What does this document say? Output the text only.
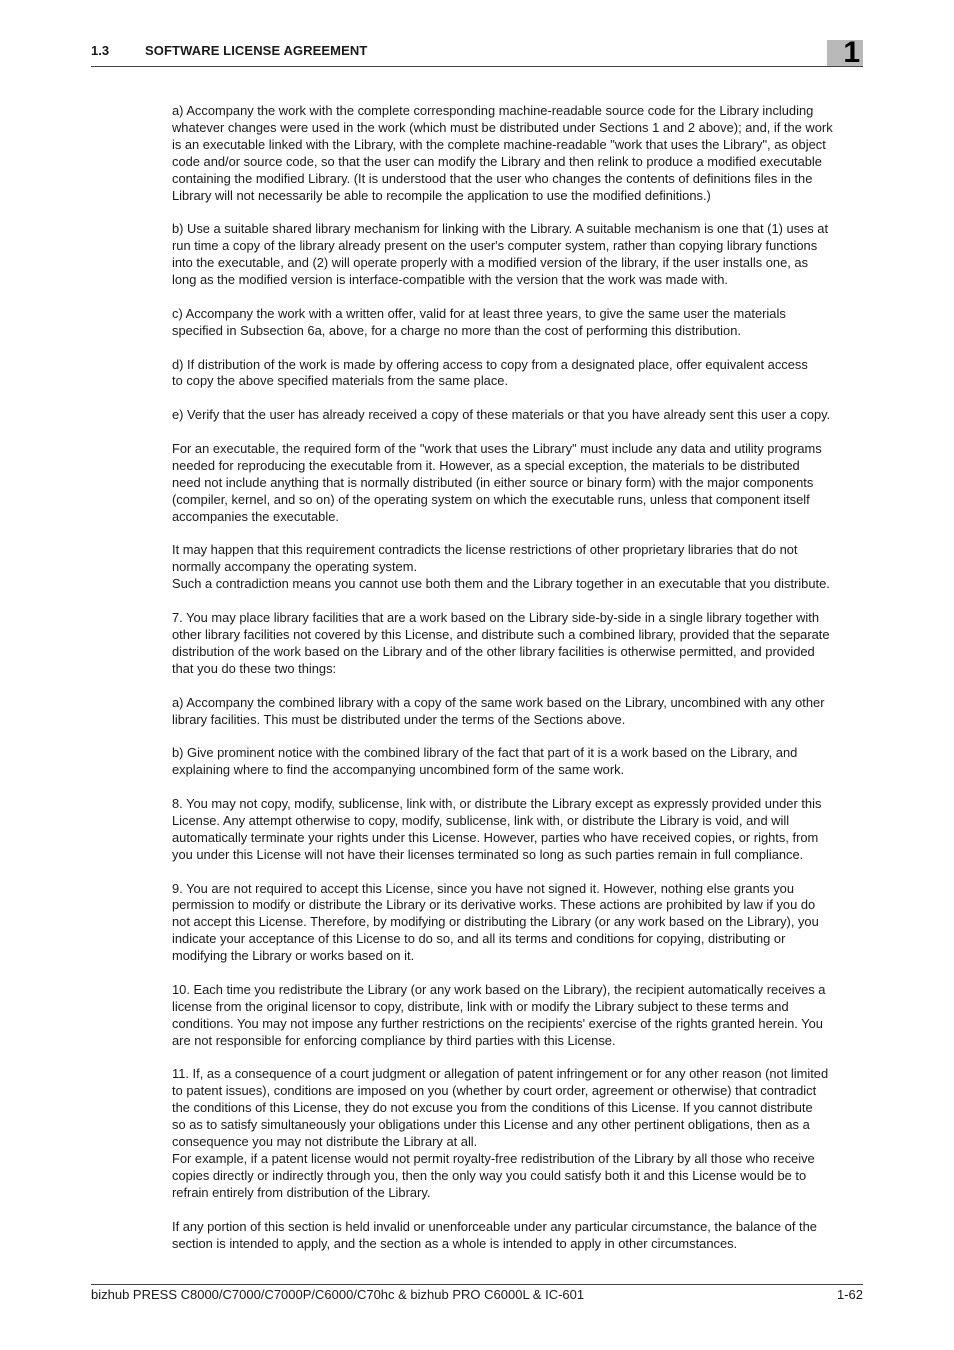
1.3	SOFTWARE LICENSE AGREEMENT	1

a) Accompany the work with the complete corresponding machine-readable source code for the Library including
whatever changes were used in the work (which must be distributed under Sections 1 and 2 above); and, if the work
is an executable linked with the Library, with the complete machine-readable "work that uses the Library", as object
code and/or source code, so that the user can modify the Library and then relink to produce a modified executable
containing the modified Library. (It is understood that the user who changes the contents of definitions files in the
Library will not necessarily be able to recompile the application to use the modified definitions.)

b) Use a suitable shared library mechanism for linking with the Library. A suitable mechanism is one that (1) uses at
run time a copy of the library already present on the user's computer system, rather than copying library functions
into the executable, and (2) will operate properly with a modified version of the library, if the user installs one, as
long as the modified version is interface-compatible with the version that the work was made with.

c) Accompany the work with a written offer, valid for at least three years, to give the same user the materials
specified in Subsection 6a, above, for a charge no more than the cost of performing this distribution.

d) If distribution of the work is made by offering access to copy from a designated place, offer equivalent access
to copy the above specified materials from the same place.

e) Verify that the user has already received a copy of these materials or that you have already sent this user a copy.

For an executable, the required form of the "work that uses the Library" must include any data and utility programs
needed for reproducing the executable from it. However, as a special exception, the materials to be distributed
need not include anything that is normally distributed (in either source or binary form) with the major components
(compiler, kernel, and so on) of the operating system on which the executable runs, unless that component itself
accompanies the executable.

It may happen that this requirement contradicts the license restrictions of other proprietary libraries that do not
normally accompany the operating system.
Such a contradiction means you cannot use both them and the Library together in an executable that you distribute.

7. You may place library facilities that are a work based on the Library side-by-side in a single library together with
other library facilities not covered by this License, and distribute such a combined library, provided that the separate
distribution of the work based on the Library and of the other library facilities is otherwise permitted, and provided
that you do these two things:

a) Accompany the combined library with a copy of the same work based on the Library, uncombined with any other
library facilities. This must be distributed under the terms of the Sections above.

b) Give prominent notice with the combined library of the fact that part of it is a work based on the Library, and
explaining where to find the accompanying uncombined form of the same work.

8. You may not copy, modify, sublicense, link with, or distribute the Library except as expressly provided under this
License. Any attempt otherwise to copy, modify, sublicense, link with, or distribute the Library is void, and will
automatically terminate your rights under this License. However, parties who have received copies, or rights, from
you under this License will not have their licenses terminated so long as such parties remain in full compliance.

9. You are not required to accept this License, since you have not signed it. However, nothing else grants you
permission to modify or distribute the Library or its derivative works. These actions are prohibited by law if you do
not accept this License. Therefore, by modifying or distributing the Library (or any work based on the Library), you
indicate your acceptance of this License to do so, and all its terms and conditions for copying, distributing or
modifying the Library or works based on it.

10. Each time you redistribute the Library (or any work based on the Library), the recipient automatically receives a
license from the original licensor to copy, distribute, link with or modify the Library subject to these terms and
conditions. You may not impose any further restrictions on the recipients' exercise of the rights granted herein. You
are not responsible for enforcing compliance by third parties with this License.

11. If, as a consequence of a court judgment or allegation of patent infringement or for any other reason (not limited
to patent issues), conditions are imposed on you (whether by court order, agreement or otherwise) that contradict
the conditions of this License, they do not excuse you from the conditions of this License. If you cannot distribute
so as to satisfy simultaneously your obligations under this License and any other pertinent obligations, then as a
consequence you may not distribute the Library at all.
For example, if a patent license would not permit royalty-free redistribution of the Library by all those who receive
copies directly or indirectly through you, then the only way you could satisfy both it and this License would be to
refrain entirely from distribution of the Library.

If any portion of this section is held invalid or unenforceable under any particular circumstance, the balance of the
section is intended to apply, and the section as a whole is intended to apply in other circumstances.

bizhub PRESS C8000/C7000/C7000P/C6000/C70hc & bizhub PRO C6000L & IC-601	1-62
